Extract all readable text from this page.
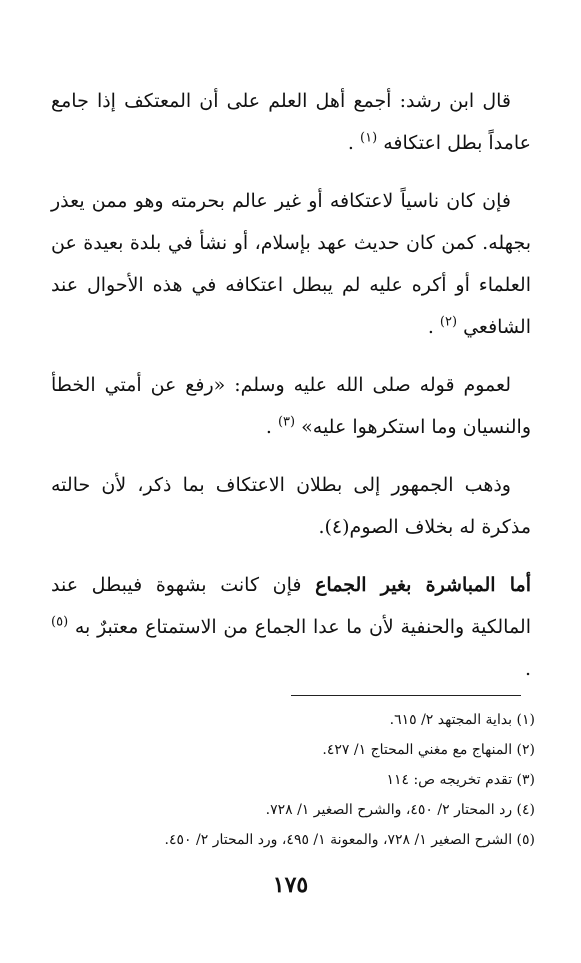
قال ابن رشد: أجمع أهل العلم على أن المعتكف إذا جامع عامداً بطل اعتكافه $^{(١)}$ .

فإن كان ناسياً لاعتكافه أو غير عالم بحرمته وهو ممن يعذر بجهله. كمن كان حديث عهد بإسلام، أو نشأ في بلدة بعيدة عن العلماء أو أكره عليه لم يبطل اعتكافه في هذه الأحوال عند الشافعي $^{(٢)}$ .

لعموم قوله صلى الله عليه وسلم: «رفع عن أمتي الخطأ والنسيان وما استكرهوا عليه» $^{(٣)}$ .

وذهب الجمهور إلى بطلان الاعتكاف بما ذكر، لأن حالته مذكرة له بخلاف الصوم(٤).

أما المباشرة بغير الجماع فإن كانت بشهوة فيبطل عند المالكية والحنفية لأن ما عدا الجماع من الاستمتاع معتبرٌ به $^{(٥)}$ .

(١) بداية المجتهد ٢/ ٦١٥.
(٢) المنهاج مع مغني المحتاج ١/ ٤٢٧.
(٣) تقدم تخريجه ص: ١١٤
(٤) رد المحتار ٢/ ٤٥٠، والشرح الصغير ١/ ٧٢٨.
(٥) الشرح الصغير ١/ ٧٢٨، والمعونة ١/ ٤٩٥، ورد المحتار ٢/ ٤٥٠.
١٧٥
